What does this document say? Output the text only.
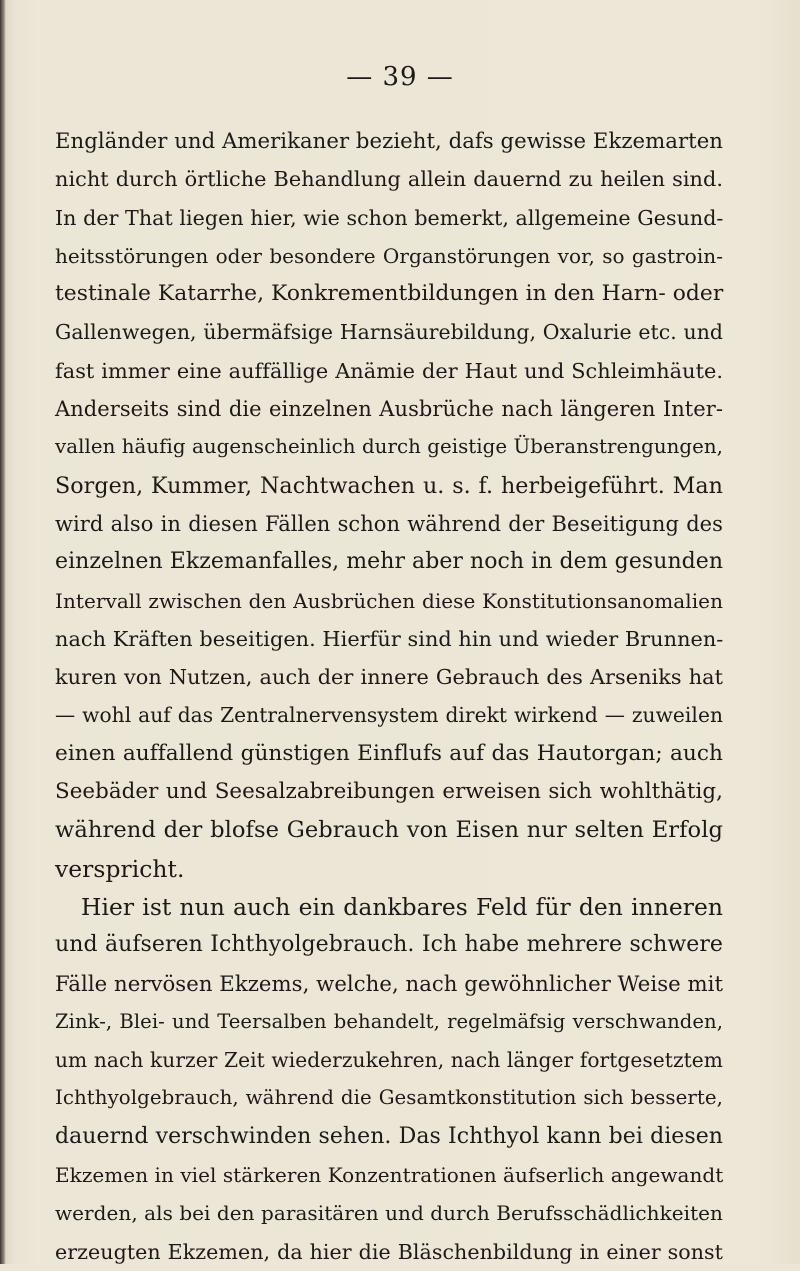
— 39 —
Engländer und Amerikaner bezieht, dafs gewisse Ekzemarten
nicht durch örtliche Behandlung allein dauernd zu heilen sind.
In der That liegen hier, wie schon bemerkt, allgemeine Gesund-
heitsstörungen oder besondere Organstörungen vor, so gastroin-
testinale Katarrhe, Konkrementbildungen in den Harn- oder
Gallenwegen, übermäfsige Harnsäurebildung, Oxalurie etc. und
fast immer eine auffällige Anämie der Haut und Schleimhäute.
Anderseits sind die einzelnen Ausbrüche nach längeren Inter-
vallen häufig augenscheinlich durch geistige Überanstrengungen,
Sorgen, Kummer, Nachtwachen u. s. f. herbeigeführt. Man
wird also in diesen Fällen schon während der Beseitigung des
einzelnen Ekzemanfalles, mehr aber noch in dem gesunden
Intervall zwischen den Ausbrüchen diese Konstitutionsanomalien
nach Kräften beseitigen. Hierfür sind hin und wieder Brunnen-
kuren von Nutzen, auch der innere Gebrauch des Arseniks hat
— wohl auf das Zentralnervensystem direkt wirkend — zuweilen
einen auffallend günstigen Einflufs auf das Hautorgan; auch
Seebäder und Seesalzabreibungen erweisen sich wohlthätig,
während der blofse Gebrauch von Eisen nur selten Erfolg
verspricht.
Hier ist nun auch ein dankbares Feld für den inneren
und äufseren Ichthyolgebrauch. Ich habe mehrere schwere
Fälle nervösen Ekzems, welche, nach gewöhnlicher Weise mit
Zink-, Blei- und Teersalben behandelt, regelmäfsig verschwanden,
um nach kurzer Zeit wiederzukehren, nach länger fortgesetztem
Ichthyolgebrauch, während die Gesamtkonstitution sich besserte,
dauernd verschwinden sehen. Das Ichthyol kann bei diesen
Ekzemen in viel stärkeren Konzentrationen äufserlich angewandt
werden, als bei den parasitären und durch Berufsschädlichkeiten
erzeugten Ekzemen, da hier die Bläschenbildung in einer sonst
